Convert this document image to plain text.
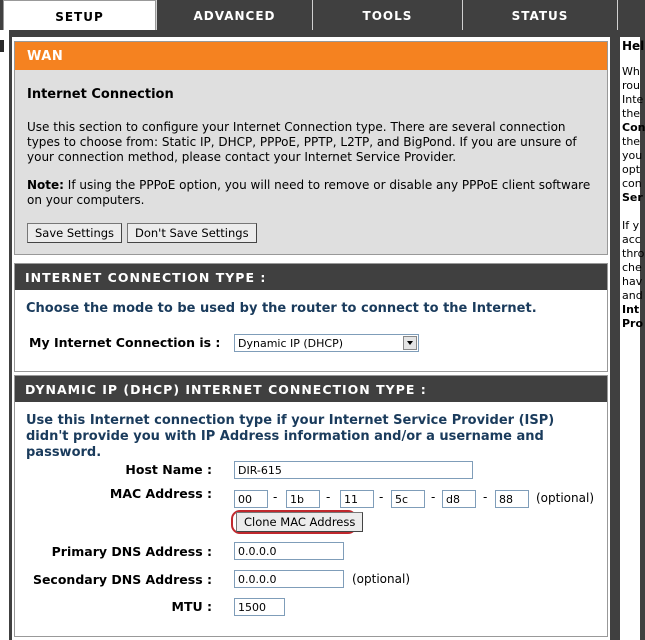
SETUP	ADVANCED	TOOLS	STATUS
WAN
Internet Connection
Use this section to configure your Internet Connection type. There are several connection types to choose from: Static IP, DHCP, PPPoE, PPTP, L2TP, and BigPond. If you are unsure of your connection method, please contact your Internet Service Provider.
Note: If using the PPPoE option, you will need to remove or disable any PPPoE client software on your computers.
Save Settings	Don't Save Settings
INTERNET CONNECTION TYPE :
Choose the mode to be used by the router to connect to the Internet.
My Internet Connection is :	Dynamic IP (DHCP)
DYNAMIC IP (DHCP) INTERNET CONNECTION TYPE :
Use this Internet connection type if your Internet Service Provider (ISP) didn't provide you with IP Address information and/or a username and password.
Host Name :	DIR-615
MAC Address :	00	-	1b	-	11	-	5c	- d8	-	88	(optional)
Clone MAC Address
Primary DNS Address :	0.0.0.0
Secondary DNS Address :	0.0.0.0	(optional)
MTU :	1500
Hel
Wh
rou
Inte
the
Con
the
you
opt
con
Ser
If y
acc
thro
che
hav
and
Int
Pro
